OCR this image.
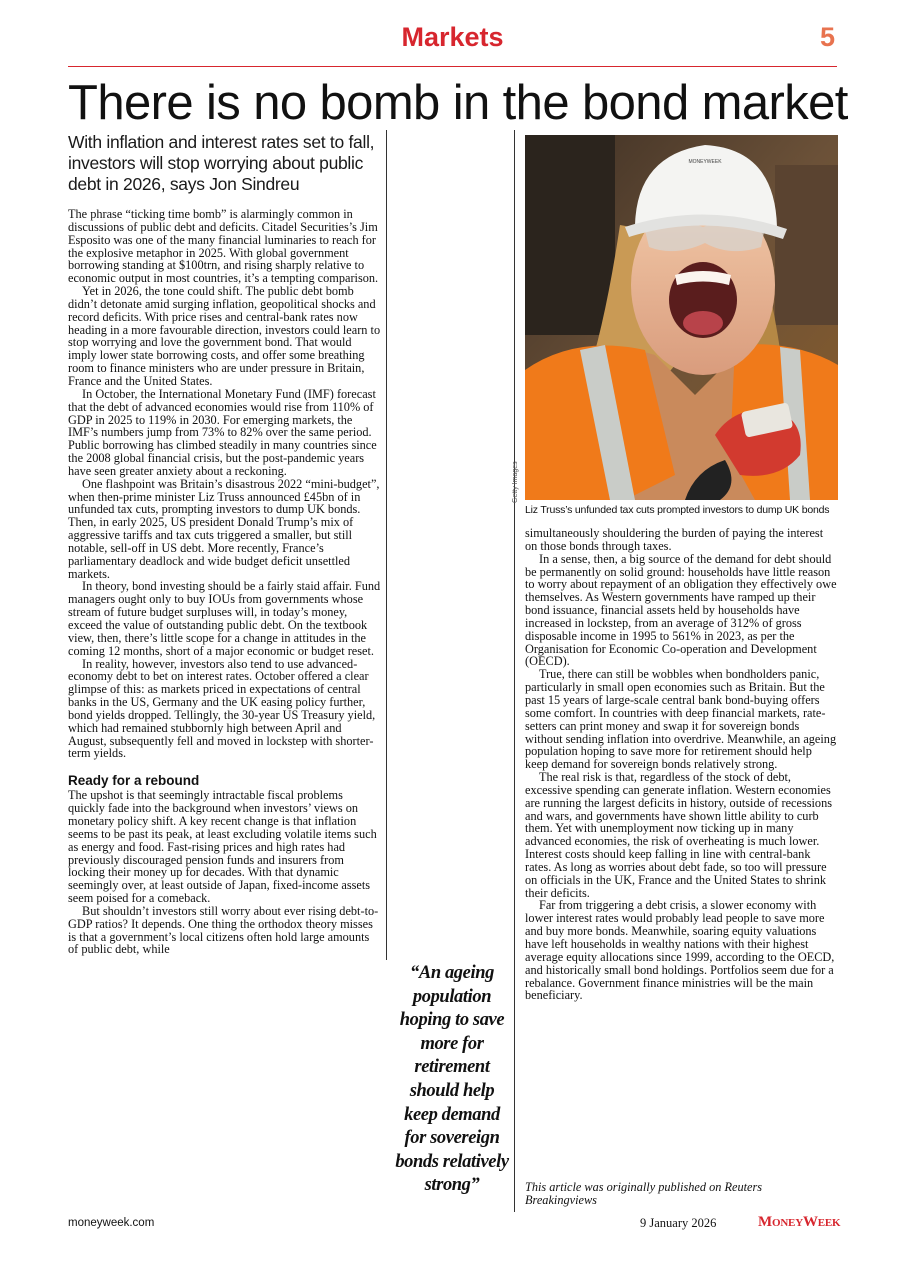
Markets	5
There is no bomb in the bond market
With inflation and interest rates set to fall, investors will stop worrying about public debt in 2026, says Jon Sindreu

The phrase “ticking time bomb” is alarmingly common in discussions of public debt and deficits. Citadel Securities’s Jim Esposito was one of the many financial luminaries to reach for the explosive metaphor in 2025. With global government borrowing standing at $100trn, and rising sharply relative to economic output in most countries, it’s a tempting comparison.

Yet in 2026, the tone could shift. The public debt bomb didn’t detonate amid surging inflation, geopolitical shocks and record deficits. With price rises and central-bank rates now heading in a more favourable direction, investors could learn to stop worrying and love the government bond. That would imply lower state borrowing costs, and offer some breathing room to finance ministers who are under pressure in Britain, France and the United States.

In October, the International Monetary Fund (IMF) forecast that the debt of advanced economies would rise from 110% of GDP in 2025 to 119% in 2030. For emerging markets, the IMF’s numbers jump from 73% to 82% over the same period. Public borrowing has climbed steadily in many countries since the 2008 global financial crisis, but the post-pandemic years have seen greater anxiety about a reckoning.

One flashpoint was Britain’s disastrous 2022 “mini-budget”, when then-prime minister Liz Truss announced £45bn of in unfunded tax cuts, prompting investors to dump UK bonds. Then, in early 2025, US president Donald Trump’s mix of aggressive tariffs and tax cuts triggered a smaller, but still notable, sell-off in US debt. More recently, France’s parliamentary deadlock and wide budget deficit unsettled markets.

In theory, bond investing should be a fairly staid affair. Fund managers ought only to buy IOUs from governments whose stream of future budget surpluses will, in today’s money, exceed the value of outstanding public debt. On the textbook view, then, there’s little scope for a change in attitudes in the coming 12 months, short of a major economic or budget reset.

In reality, however, investors also tend to use advanced-economy debt to bet on interest rates. October offered a clear glimpse of this: as markets priced in expectations of central banks in the US, Germany and the UK easing policy further, bond yields dropped. Tellingly, the 30-year US Treasury yield, which had remained stubbornly high between April and August, subsequently fell and moved in lockstep with shorter-term yields.

Ready for a rebound

The upshot is that seemingly intractable fiscal problems quickly fade into the background when investors’ views on monetary policy shift. A key recent change is that inflation seems to be past its peak, at least excluding volatile items such as energy and food. Fast-rising prices and high rates had previously discouraged pension funds and insurers from locking their money up for decades. With that dynamic seemingly over, at least outside of Japan, fixed-income assets seem poised for a comeback.

But shouldn’t investors still worry about ever rising debt-to-GDP ratios? It depends. One thing the orthodox theory misses is that a government’s local citizens often hold large amounts of public debt, while

“An ageing population hoping to save more for retirement should help keep demand for sovereign bonds relatively strong”
MONEYWEEK
Getty Images
Liz Truss’s unfunded tax cuts prompted investors to dump UK bonds

simultaneously shouldering the burden of paying the interest on those bonds through taxes.

In a sense, then, a big source of the demand for debt should be permanently on solid ground: households have little reason to worry about repayment of an obligation they effectively owe themselves. As Western governments have ramped up their bond issuance, financial assets held by households have increased in lockstep, from an average of 312% of gross disposable income in 1995 to 561% in 2023, as per the Organisation for Economic Co-operation and Development (OECD).

True, there can still be wobbles when bondholders panic, particularly in small open economies such as Britain. But the past 15 years of large-scale central bank bond-buying offers some comfort. In countries with deep financial markets, rate-setters can print money and swap it for sovereign bonds without sending inflation into overdrive. Meanwhile, an ageing population hoping to save more for retirement should help keep demand for sovereign bonds relatively strong.

The real risk is that, regardless of the stock of debt, excessive spending can generate inflation. Western economies are running the largest deficits in history, outside of recessions and wars, and governments have shown little ability to curb them. Yet with unemployment now ticking up in many advanced economies, the risk of overheating is much lower. Interest costs should keep falling in line with central-bank rates. As long as worries about debt fade, so too will pressure on officials in the UK, France and the United States to shrink their deficits.

Far from triggering a debt crisis, a slower economy with lower interest rates would probably lead people to save more and buy more bonds. Meanwhile, soaring equity valuations have left households in wealthy nations with their highest average equity allocations since 1999, according to the OECD, and historically small bond holdings. Portfolios seem due for a rebalance. Government finance ministries will be the main beneficiary.

This article was originally published on Reuters Breakingviews
moneyweek.com	9 January 2026	MoneyWeek
